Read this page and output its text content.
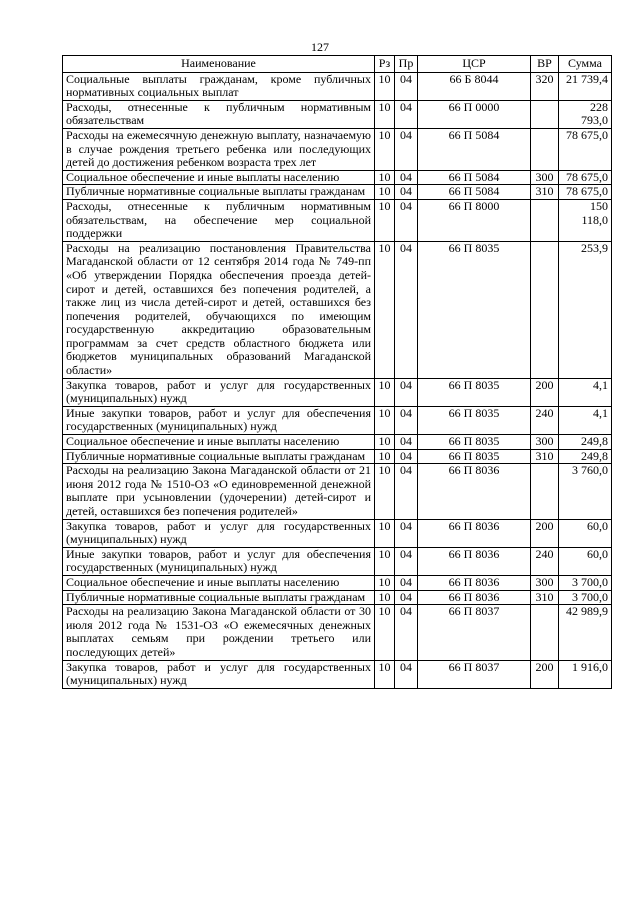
127
Наименование	Рз	Пр	ЦСР	ВР	Сумма
Социальные выплаты гражданам, кроме публичных нормативных социальных выплат	10	04	66 Б 8044	320	21 739,4
Расходы, отнесенные к публичным нормативным обязательствам	10	04	66 П 0000		228 793,0
Расходы на ежемесячную денежную выплату, назначаемую в случае рождения третьего ребенка или последующих детей до достижения ребенком возраста трех лет	10	04	66 П 5084		78 675,0
Социальное обеспечение и иные выплаты населению	10	04	66 П 5084	300	78 675,0
Публичные нормативные социальные выплаты гражданам	10	04	66 П 5084	310	78 675,0
Расходы, отнесенные к публичным нормативным обязательствам, на обеспечение мер социальной поддержки	10	04	66 П 8000		150 118,0
Расходы на реализацию постановления Правительства Магаданской области от 12 сентября 2014 года № 749-пп «Об утверждении Порядка обеспечения проезда детей-сирот и детей, оставшихся без попечения родителей, а также лиц из числа детей-сирот и детей, оставшихся без попечения родителей, обучающихся по имеющим государственную аккредитацию образовательным программам за счет средств областного бюджета или бюджетов муниципальных образований Магаданской области»	10	04	66 П 8035		253,9
Закупка товаров, работ и услуг для государственных (муниципальных) нужд	10	04	66 П 8035	200	4,1
Иные закупки товаров, работ и услуг для обеспечения государственных (муниципальных) нужд	10	04	66 П 8035	240	4,1
Социальное обеспечение и иные выплаты населению	10	04	66 П 8035	300	249,8
Публичные нормативные социальные выплаты гражданам	10	04	66 П 8035	310	249,8
Расходы на реализацию Закона Магаданской области от 21 июня 2012 года № 1510-ОЗ «О единовременной денежной выплате при усыновлении (удочерении) детей-сирот и детей, оставшихся без попечения родителей»	10	04	66 П 8036		3 760,0
Закупка товаров, работ и услуг для государственных (муниципальных) нужд	10	04	66 П 8036	200	60,0
Иные закупки товаров, работ и услуг для обеспечения государственных (муниципальных) нужд	10	04	66 П 8036	240	60,0
Социальное обеспечение и иные выплаты населению	10	04	66 П 8036	300	3 700,0
Публичные нормативные социальные выплаты гражданам	10	04	66 П 8036	310	3 700,0
Расходы на реализацию Закона Магаданской области от 30 июля 2012 года № 1531-ОЗ «О ежемесячных денежных выплатах семьям при рождении третьего или последующих детей»	10	04	66 П 8037		42 989,9
Закупка товаров, работ и услуг для государственных (муниципальных) нужд	10	04	66 П 8037	200	1 916,0
